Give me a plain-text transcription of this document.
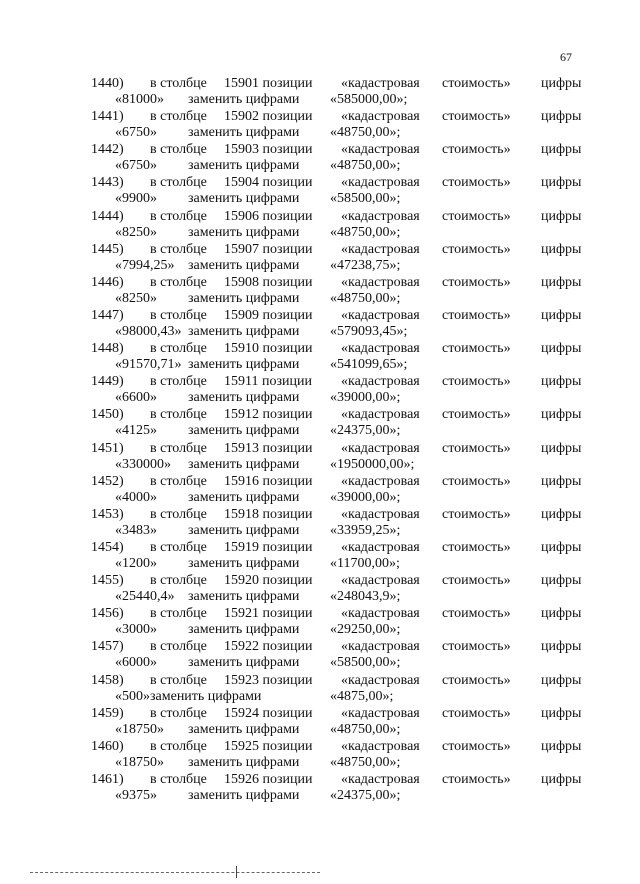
67
1440) в столбце 15901 позиции «кадастровая стоимость» цифры
«81000» заменить цифрами «585000,00»;
1441) в столбце 15902 позиции «кадастровая стоимость» цифры
«6750» заменить цифрами «48750,00»;
1442) в столбце 15903 позиции «кадастровая стоимость» цифры
«6750» заменить цифрами «48750,00»;
1443) в столбце 15904 позиции «кадастровая стоимость» цифры
«9900» заменить цифрами «58500,00»;
1444) в столбце 15906 позиции «кадастровая стоимость» цифры
«8250» заменить цифрами «48750,00»;
1445) в столбце 15907 позиции «кадастровая стоимость» цифры
«7994,25» заменить цифрами «47238,75»;
1446) в столбце 15908 позиции «кадастровая стоимость» цифры
«8250» заменить цифрами «48750,00»;
1447) в столбце 15909 позиции «кадастровая стоимость» цифры
«98000,43» заменить цифрами «579093,45»;
1448) в столбце 15910 позиции «кадастровая стоимость» цифры
«91570,71» заменить цифрами «541099,65»;
1449) в столбце 15911 позиции «кадастровая стоимость» цифры
«6600» заменить цифрами «39000,00»;
1450) в столбце 15912 позиции «кадастровая стоимость» цифры
«4125» заменить цифрами «24375,00»;
1451) в столбце 15913 позиции «кадастровая стоимость» цифры
«330000» заменить цифрами «1950000,00»;
1452) в столбце 15916 позиции «кадастровая стоимость» цифры
«4000» заменить цифрами «39000,00»;
1453) в столбце 15918 позиции «кадастровая стоимость» цифры
«3483» заменить цифрами «33959,25»;
1454) в столбце 15919 позиции «кадастровая стоимость» цифры
«1200» заменить цифрами «11700,00»;
1455) в столбце 15920 позиции «кадастровая стоимость» цифры
«25440,4» заменить цифрами «248043,9»;
1456) в столбце 15921 позиции «кадастровая стоимость» цифры
«3000» заменить цифрами «29250,00»;
1457) в столбце 15922 позиции «кадастровая стоимость» цифры
«6000» заменить цифрами «58500,00»;
1458) в столбце 15923 позиции «кадастровая стоимость» цифры
«500»заменить цифрами	«4875,00»;
1459) в столбце 15924 позиции «кадастровая стоимость» цифры
«18750» заменить цифрами «48750,00»;
1460) в столбце 15925 позиции «кадастровая стоимость» цифры
«18750» заменить цифрами «48750,00»;
1461) в столбце 15926 позиции «кадастровая стоимость» цифры
«9375» заменить цифрами «24375,00»;
